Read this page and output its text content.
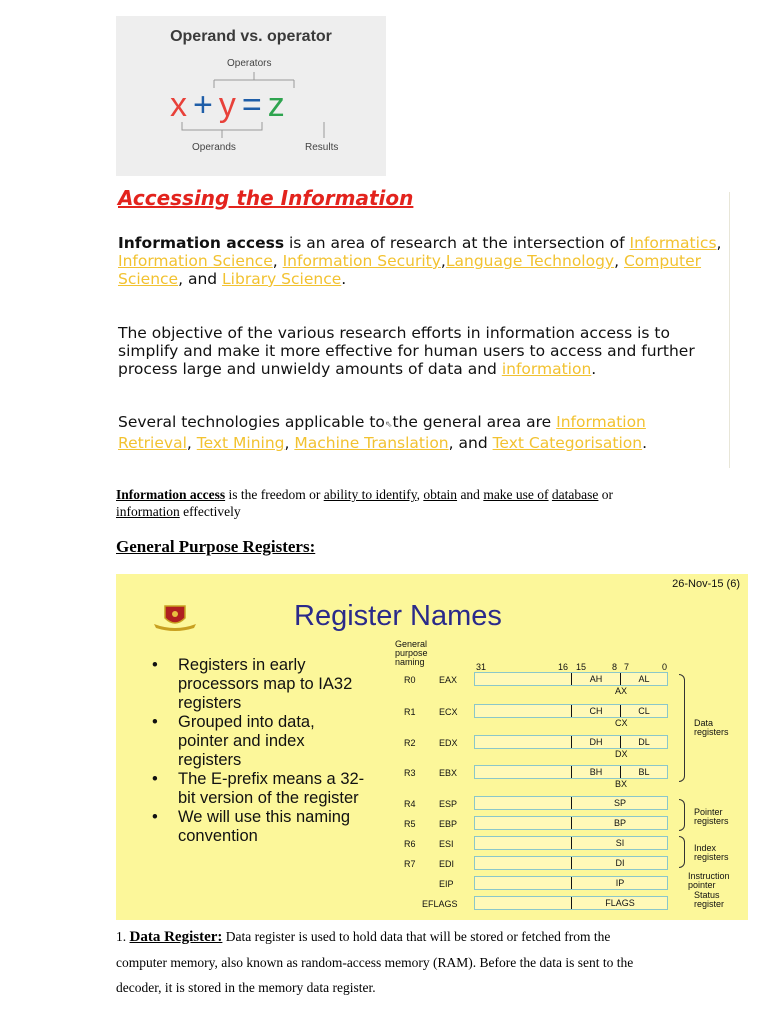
Operand vs. operator
Operators
x+y=z
Operands	Results
Accessing the Information
Information access is an area of research at the intersection of Informatics, Information Science, Information Security,Language Technology, Computer Science, and Library Science.
The objective of the various research efforts in information access is to simplify and make it more effective for human users to access and further process large and unwieldy amounts of data and information.
Several technologies applicable to⇖the general area are Information Retrieval, Text Mining, Machine Translation, and Text Categorisation.
Information access is the freedom or ability to identify, obtain and make use of database or information effectively
General Purpose Registers:
26-Nov-15 (6)
Register Names
• Registers in early processors map to IA32 registers
• Grouped into data, pointer and index registers
• The E-prefix means a 32-bit version of the register
• We will use this naming convention
General purpose naming	31	16 15	8 7	0
R0	EAX	AH	AL
AX
R1	ECX	CH	CL
CX
R2	EDX	DH	DL
DX
R3	EBX	BH	BL
BX
R4	ESP	SP
R5	EBP	BP
R6	ESI	SI
R7	EDI	DI
EIP	IP
EFLAGS	FLAGS
Data registers
Pointer registers
Index registers
Instruction pointer
Status register
1. Data Register: Data register is used to hold data that will be stored or fetched from the computer memory, also known as random-access memory (RAM). Before the data is sent to the decoder, it is stored in the memory data register.
